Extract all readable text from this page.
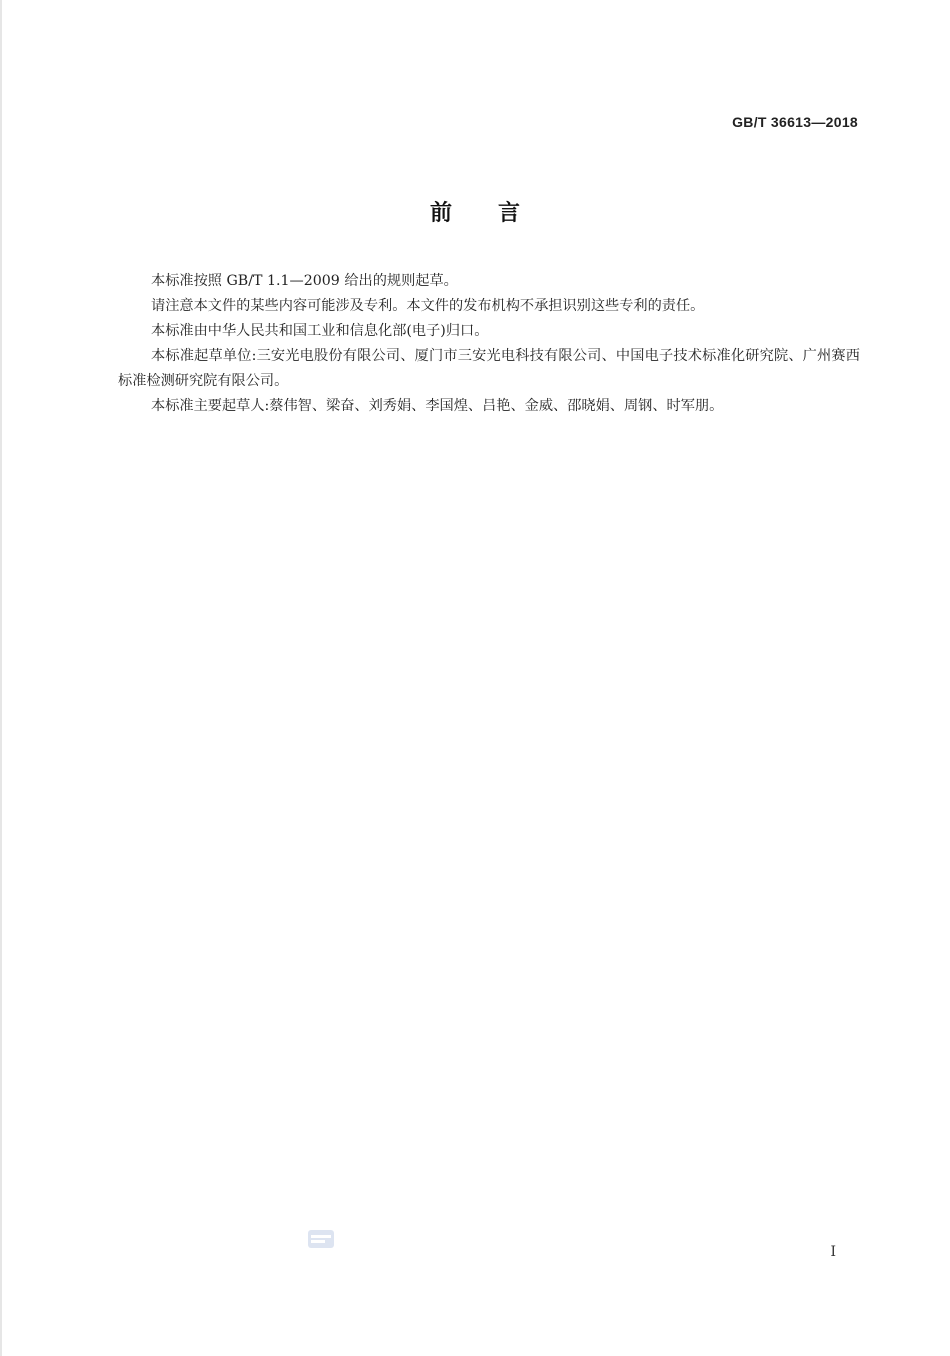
GB/T 36613—2018
前言

本标准按照 GB/T 1.1—2009 给出的规则起草。

请注意本文件的某些内容可能涉及专利。本文件的发布机构不承担识别这些专利的责任。

本标准由中华人民共和国工业和信息化部(电子)归口。

本标准起草单位:三安光电股份有限公司、厦门市三安光电科技有限公司、中国电子技术标准化研究院、广州赛西标准检测研究院有限公司。

本标准主要起草人:蔡伟智、梁奋、刘秀娟、李国煌、吕艳、金威、邵晓娟、周钢、时军朋。

I
